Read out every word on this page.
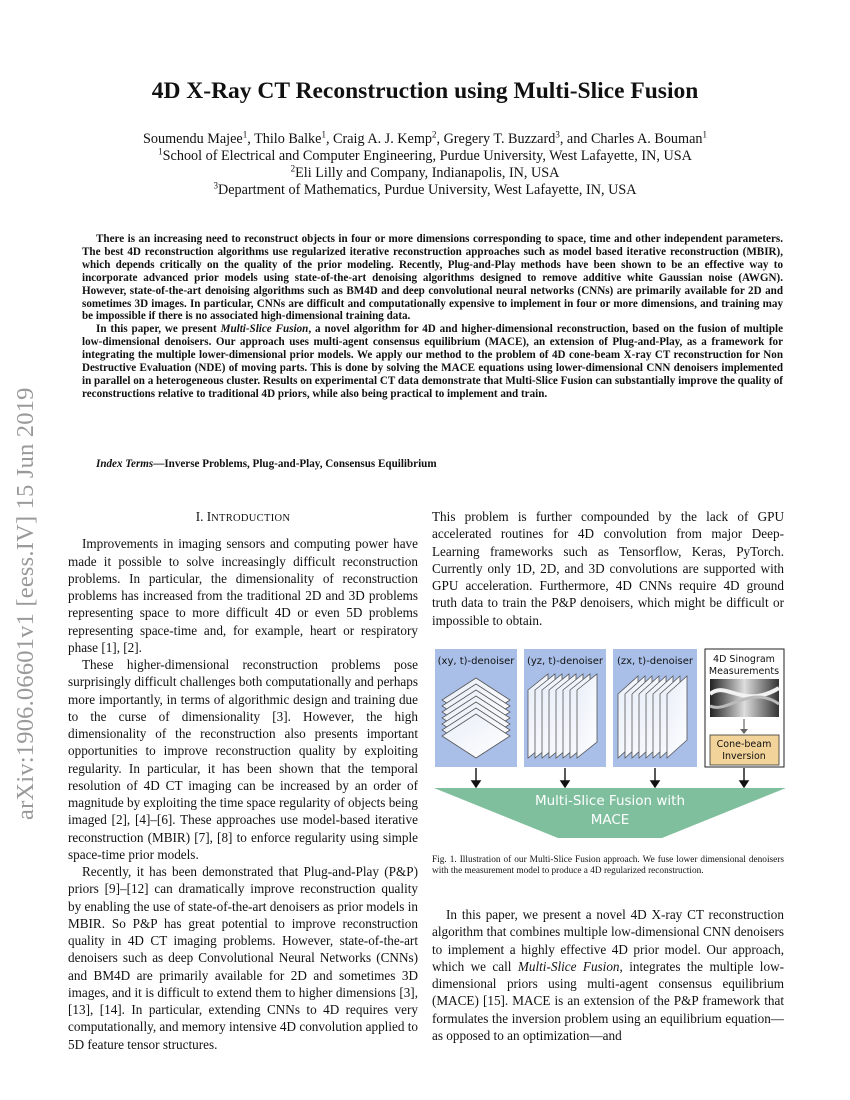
arXiv:1906.06601v1 [eess.IV] 15 Jun 2019
4D X-Ray CT Reconstruction using Multi-Slice Fusion
Soumendu Majee$^1$, Thilo Balke$^1$, Craig A. J. Kemp$^2$, Gregery T. Buzzard$^3$, and Charles A. Bouman$^1$
$^1$School of Electrical and Computer Engineering, Purdue University, West Lafayette, IN, USA
$^2$Eli Lilly and Company, Indianapolis, IN, USA
$^3$Department of Mathematics, Purdue University, West Lafayette, IN, USA

There is an increasing need to reconstruct objects in four or more dimensions corresponding to space, time and other independent parameters. The best 4D reconstruction algorithms use regularized iterative reconstruction approaches such as model based iterative reconstruction (MBIR), which depends critically on the quality of the prior modeling. Recently, Plug-and-Play methods have been shown to be an effective way to incorporate advanced prior models using state-of-the-art denoising algorithms designed to remove additive white Gaussian noise (AWGN). However, state-of-the-art denoising algorithms such as BM4D and deep convolutional neural networks (CNNs) are primarily available for 2D and sometimes 3D images. In particular, CNNs are difficult and computationally expensive to implement in four or more dimensions, and training may be impossible if there is no associated high-dimensional training data.

In this paper, we present Multi-Slice Fusion, a novel algorithm for 4D and higher-dimensional reconstruction, based on the fusion of multiple low-dimensional denoisers. Our approach uses multi-agent consensus equilibrium (MACE), an extension of Plug-and-Play, as a framework for integrating the multiple lower-dimensional prior models. We apply our method to the problem of 4D cone-beam X-ray CT reconstruction for Non Destructive Evaluation (NDE) of moving parts. This is done by solving the MACE equations using lower-dimensional CNN denoisers implemented in parallel on a heterogeneous cluster. Results on experimental CT data demonstrate that Multi-Slice Fusion can substantially improve the quality of reconstructions relative to traditional 4D priors, while also being practical to implement and train.

Index Terms—Inverse Problems, Plug-and-Play, Consensus Equilibrium
I. INTRODUCTION

Improvements in imaging sensors and computing power have made it possible to solve increasingly difficult reconstruction problems. In particular, the dimensionality of reconstruction problems has increased from the traditional 2D and 3D problems representing space to more difficult 4D or even 5D problems representing space-time and, for example, heart or respiratory phase [1], [2].

These higher-dimensional reconstruction problems pose surprisingly difficult challenges both computationally and perhaps more importantly, in terms of algorithmic design and training due to the curse of dimensionality [3]. However, the high dimensionality of the reconstruction also presents important opportunities to improve reconstruction quality by exploiting regularity. In particular, it has been shown that the temporal resolution of 4D CT imaging can be increased by an order of magnitude by exploiting the time space regularity of objects being imaged [2], [4]–[6]. These approaches use model-based iterative reconstruction (MBIR) [7], [8] to enforce regularity using simple space-time prior models.

Recently, it has been demonstrated that Plug-and-Play (P&P) priors [9]–[12] can dramatically improve reconstruction quality by enabling the use of state-of-the-art denoisers as prior models in MBIR. So P&P has great potential to improve reconstruction quality in 4D CT imaging problems. However, state-of-the-art denoisers such as deep Convolutional Neural Networks (CNNs) and BM4D are primarily available for 2D and sometimes 3D images, and it is difficult to extend them to higher dimensions [3], [13], [14]. In particular, extending CNNs to 4D requires very computationally, and memory intensive 4D convolution applied to 5D feature tensor structures.

This problem is further compounded by the lack of GPU accelerated routines for 4D convolution from major Deep-Learning frameworks such as Tensorflow, Keras, PyTorch. Currently only 1D, 2D, and 3D convolutions are supported with GPU acceleration. Furthermore, 4D CNNs require 4D ground truth data to train the P&P denoisers, which might be difficult or impossible to obtain.

(xy, t)-denoiser (yz, t)-denoiser (zx, t)-denoiser 4D Sinogram
Measurements
Cone-beam
Inversion
Multi-Slice Fusion with
MACE
Fig. 1. Illustration of our Multi-Slice Fusion approach. We fuse lower dimensional denoisers with the measurement model to produce a 4D regularized reconstruction.

In this paper, we present a novel 4D X-ray CT reconstruction algorithm that combines multiple low-dimensional CNN denoisers to implement a highly effective 4D prior model. Our approach, which we call Multi-Slice Fusion, integrates the multiple low-dimensional priors using multi-agent consensus equilibrium (MACE) [15]. MACE is an extension of the P&P framework that formulates the inversion problem using an equilibrium equation—as opposed to an optimization—and
